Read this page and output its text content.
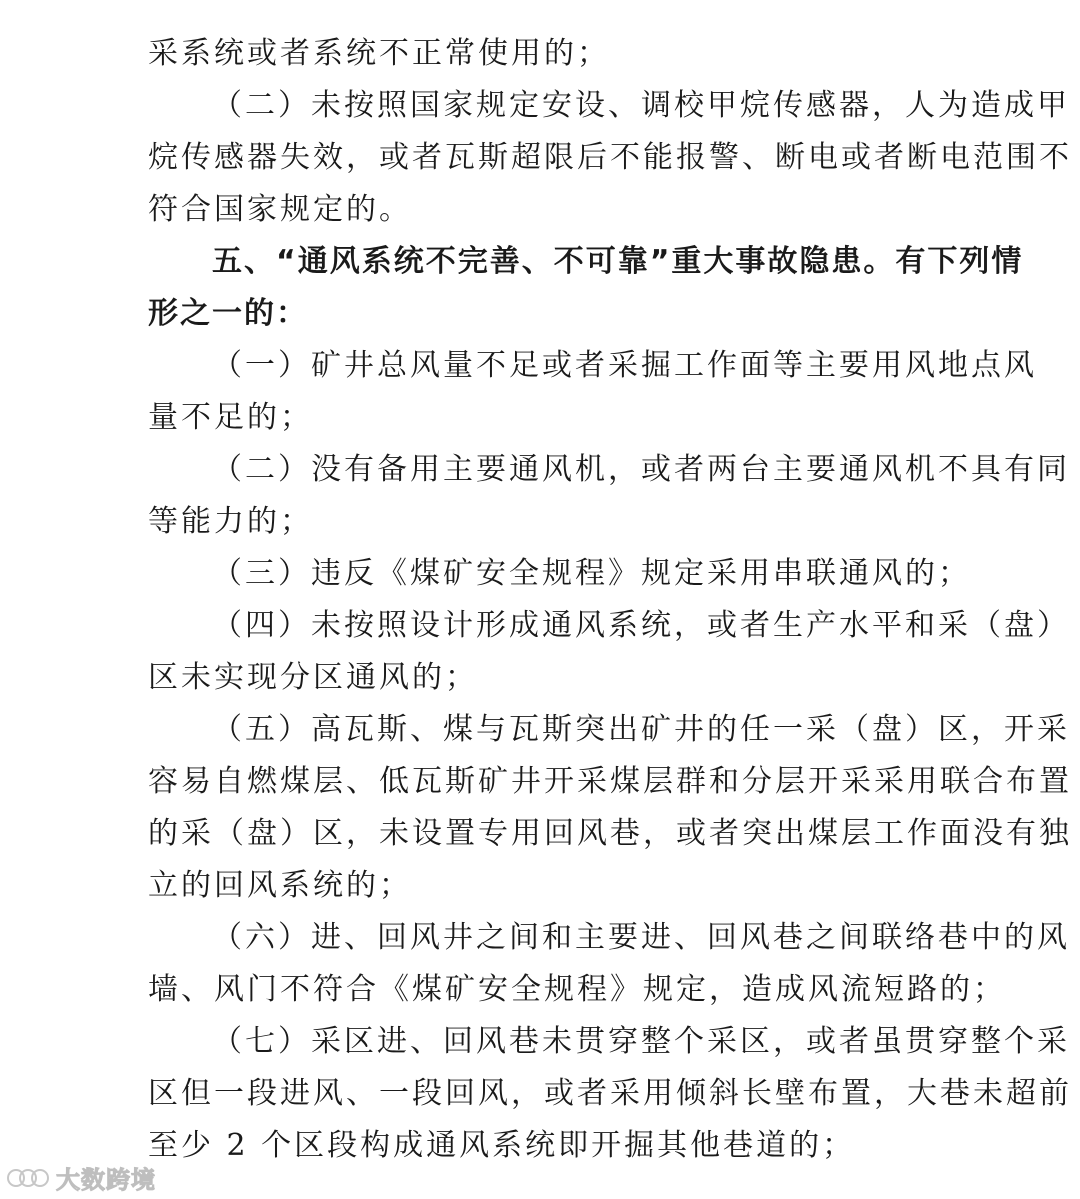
采系统或者系统不正常使用的；
（二）未按照国家规定安设、调校甲烷传感器，人为造成甲
烷传感器失效，或者瓦斯超限后不能报警、断电或者断电范围不
符合国家规定的。
五、“通风系统不完善、不可靠”重大事故隐患。有下列情
形之一的：
（一）矿井总风量不足或者采掘工作面等主要用风地点风
量不足的；
（二）没有备用主要通风机，或者两台主要通风机不具有同
等能力的；
（三）违反《煤矿安全规程》规定采用串联通风的；
（四）未按照设计形成通风系统，或者生产水平和采（盘）
区未实现分区通风的；
（五）高瓦斯、煤与瓦斯突出矿井的任一采（盘）区，开采
容易自燃煤层、低瓦斯矿井开采煤层群和分层开采采用联合布置
的采（盘）区，未设置专用回风巷，或者突出煤层工作面没有独
立的回风系统的；
（六）进、回风井之间和主要进、回风巷之间联络巷中的风
墙、风门不符合《煤矿安全规程》规定，造成风流短路的；
（七）采区进、回风巷未贯穿整个采区，或者虽贯穿整个采
区但一段进风、一段回风，或者采用倾斜长壁布置，大巷未超前
至少 2 个区段构成通风系统即开掘其他巷道的；
大数跨境
